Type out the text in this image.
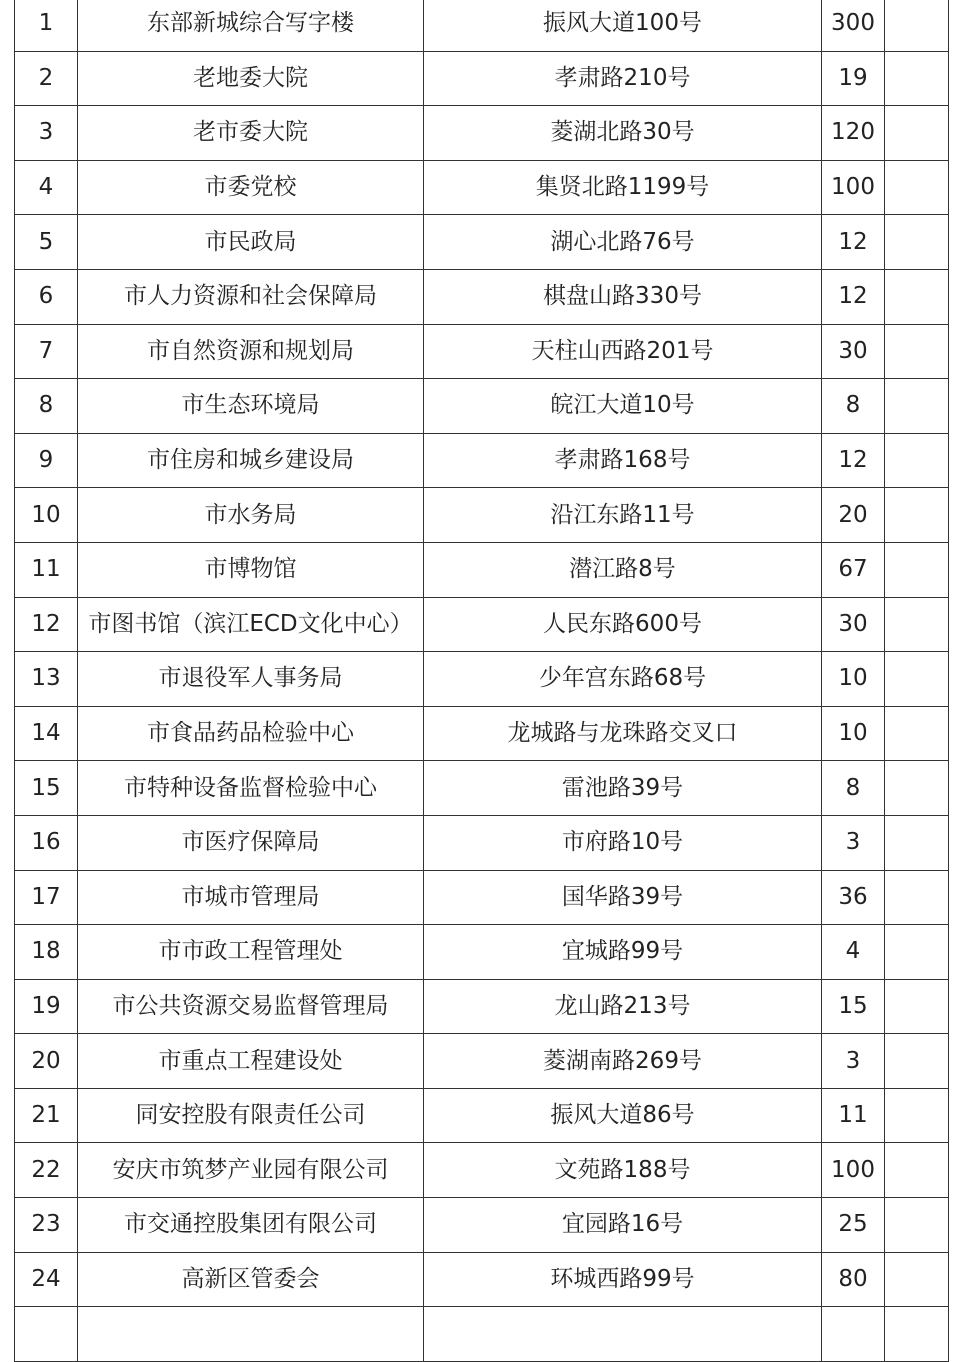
1	东部新城综合写字楼	振风大道100号	300	
2	老地委大院	孝肃路210号	19	
3	老市委大院	菱湖北路30号	120	
4	市委党校	集贤北路1199号	100	
5	市民政局	湖心北路76号	12	
6	市人力资源和社会保障局	棋盘山路330号	12	
7	市自然资源和规划局	天柱山西路201号	30	
8	市生态环境局	皖江大道10号	8	
9	市住房和城乡建设局	孝肃路168号	12	
10	市水务局	沿江东路11号	20	
11	市博物馆	潜江路8号	67	
12	市图书馆（滨江ECD文化中心）	人民东路600号	30	
13	市退役军人事务局	少年宫东路68号	10	
14	市食品药品检验中心	龙城路与龙珠路交叉口	10	
15	市特种设备监督检验中心	雷池路39号	8	
16	市医疗保障局	市府路10号	3	
17	市城市管理局	国华路39号	36	
18	市市政工程管理处	宜城路99号	4	
19	市公共资源交易监督管理局	龙山路213号	15	
20	市重点工程建设处	菱湖南路269号	3	
21	同安控股有限责任公司	振风大道86号	11	
22	安庆市筑梦产业园有限公司	文苑路188号	100	
23	市交通控股集团有限公司	宜园路16号	25	
24	高新区管委会	环城西路99号	80	
